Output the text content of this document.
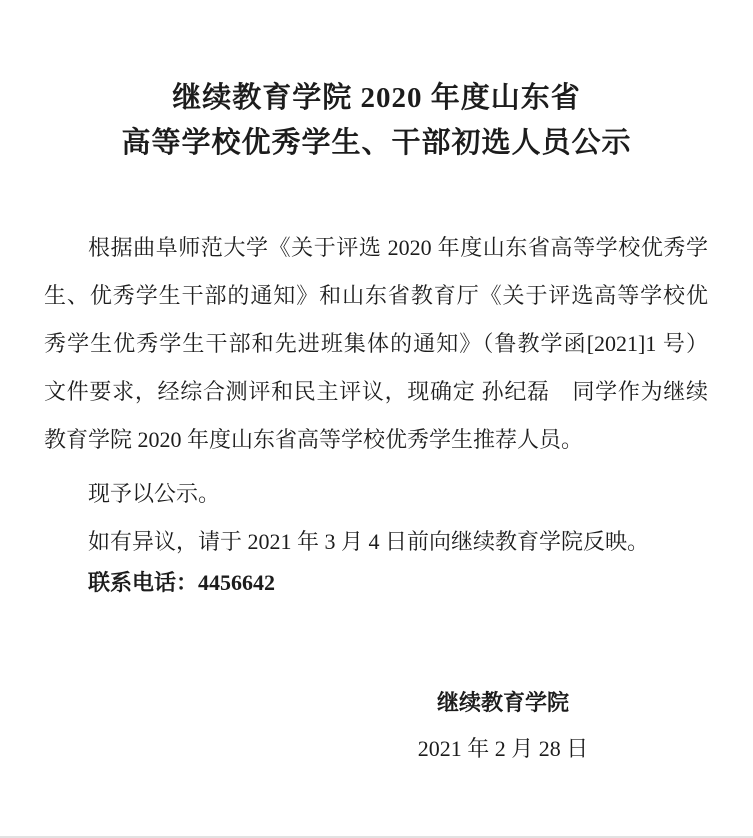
继续教育学院 2020 年度山东省
高等学校优秀学生、干部初选人员公示

根据曲阜师范大学《关于评选 2020 年度山东省高等学校优秀学
生、优秀学生干部的通知》和山东省教育厅《关于评选高等学校优
秀学生优秀学生干部和先进班集体的通知》（鲁教学函[2021]1 号）
文件要求，经综合测评和民主评议，现确定 孙纪磊　同学作为继续
教育学院 2020 年度山东省高等学校优秀学生推荐人员。

现予以公示。

如有异议，请于 2021 年 3 月 4 日前向继续教育学院反映。

联系电话：4456642

继续教育学院
2021 年 2 月 28 日
